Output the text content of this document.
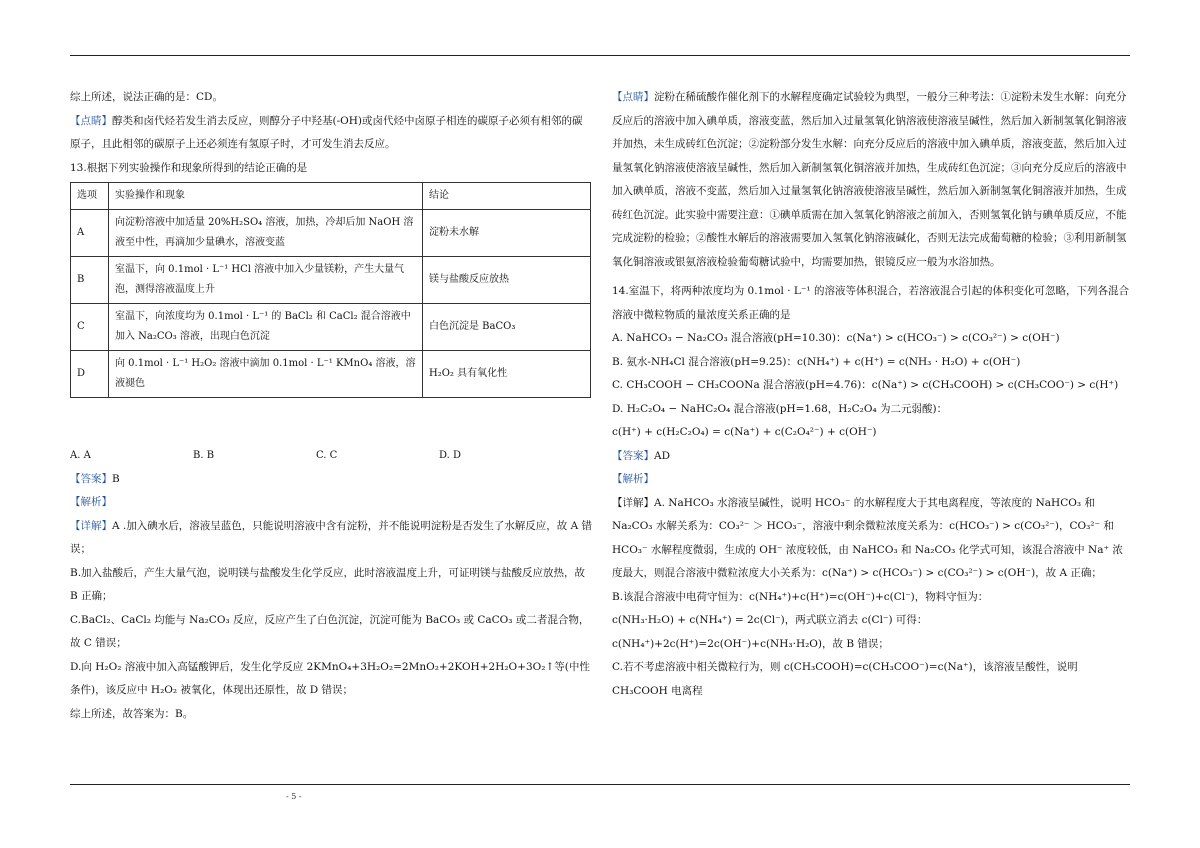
综上所述，说法正确的是：CD。

【点睛】醇类和卤代烃若发生消去反应，则醇分子中羟基(-OH)或卤代烃中卤原子相连的碳原子必须有相邻的碳原子，且此相邻的碳原子上还必须连有氢原子时，才可发生消去反应。

13.根据下列实验操作和现象所得到的结论正确的是

选项	实验操作和现象	结论
A	向淀粉溶液中加适量 20%H₂SO₄ 溶液，加热，冷却后加 NaOH 溶液至中性，再滴加少量碘水，溶液变蓝	淀粉未水解
B	室温下，向 0.1mol · L⁻¹ HCl 溶液中加入少量镁粉，产生大量气泡，测得溶液温度上升	镁与盐酸反应放热
C	室温下，向浓度均为 0.1mol · L⁻¹ 的 BaCl₂ 和 CaCl₂ 混合溶液中加入 Na₂CO₃ 溶液，出现白色沉淀	白色沉淀是 BaCO₃
D	向 0.1mol · L⁻¹ H₂O₂ 溶液中滴加 0.1mol · L⁻¹ KMnO₄ 溶液，溶液褪色	H₂O₂ 具有氧化性
A. A	B. B	C. C	D. D

【答案】B

【解析】

【详解】A .加入碘水后，溶液呈蓝色，只能说明溶液中含有淀粉，并不能说明淀粉是否发生了水解反应，故 A 错误；

B.加入盐酸后，产生大量气泡，说明镁与盐酸发生化学反应，此时溶液温度上升，可证明镁与盐酸反应放热，故 B 正确；

C.BaCl₂、CaCl₂ 均能与 Na₂CO₃ 反应，反应产生了白色沉淀，沉淀可能为 BaCO₃ 或 CaCO₃ 或二者混合物，故 C 错误；

D.向 H₂O₂ 溶液中加入高锰酸钾后，发生化学反应 2KMnO₄+3H₂O₂=2MnO₂+2KOH+2H₂O+3O₂↑等(中性条件)，该反应中 H₂O₂ 被氧化，体现出还原性，故 D 错误；

综上所述，故答案为：B。

【点睛】淀粉在稀硫酸作催化剂下的水解程度确定试验较为典型，一般分三种考法：①淀粉未发生水解：向充分反应后的溶液中加入碘单质，溶液变蓝，然后加入过量氢氧化钠溶液使溶液呈碱性，然后加入新制氢氧化铜溶液并加热，未生成砖红色沉淀；②淀粉部分发生水解：向充分反应后的溶液中加入碘单质，溶液变蓝，然后加入过量氢氧化钠溶液使溶液呈碱性，然后加入新制氢氧化铜溶液并加热，生成砖红色沉淀；③向充分反应后的溶液中加入碘单质，溶液不变蓝，然后加入过量氢氧化钠溶液使溶液呈碱性，然后加入新制氢氧化铜溶液并加热，生成砖红色沉淀。此实验中需要注意：①碘单质需在加入氢氧化钠溶液之前加入，否则氢氧化钠与碘单质反应，不能完成淀粉的检验；②酸性水解后的溶液需要加入氢氧化钠溶液碱化，否则无法完成葡萄糖的检验；③利用新制氢氧化铜溶液或银氨溶液检验葡萄糖试验中，均需要加热，银镜反应一般为水浴加热。

14.室温下，将两种浓度均为 0.1mol · L⁻¹ 的溶液等体积混合，若溶液混合引起的体积变化可忽略，下列各混合溶液中微粒物质的量浓度关系正确的是

A. NaHCO₃ − Na₂CO₃ 混合溶液(pH=10.30)：c(Na⁺) > c(HCO₃⁻) > c(CO₃²⁻) > c(OH⁻)

B. 氨水-NH₄Cl 混合溶液(pH=9.25)：c(NH₄⁺) + c(H⁺) = c(NH₃ · H₂O) + c(OH⁻)

C. CH₃COOH − CH₃COONa 混合溶液(pH=4.76)：c(Na⁺) > c(CH₃COOH) > c(CH₃COO⁻) > c(H⁺)

D. H₂C₂O₄ − NaHC₂O₄ 混合溶液(pH=1.68，H₂C₂O₄ 为二元弱酸)：

c(H⁺) + c(H₂C₂O₄) = c(Na⁺) + c(C₂O₄²⁻) + c(OH⁻)

【答案】AD

【解析】

【详解】A. NaHCO₃ 水溶液呈碱性，说明 HCO₃⁻ 的水解程度大于其电离程度，等浓度的 NaHCO₃ 和 Na₂CO₃ 水解关系为：CO₃²⁻ ＞ HCO₃⁻，溶液中剩余微粒浓度关系为：c(HCO₃⁻) > c(CO₃²⁻)，CO₃²⁻ 和 HCO₃⁻ 水解程度微弱，生成的 OH⁻ 浓度较低，由 NaHCO₃ 和 Na₂CO₃ 化学式可知，该混合溶液中 Na⁺ 浓度最大，则混合溶液中微粒浓度大小关系为：c(Na⁺) > c(HCO₃⁻) > c(CO₃²⁻) > c(OH⁻)，故 A 正确；

B.该混合溶液中电荷守恒为：c(NH₄⁺)+c(H⁺)=c(OH⁻)+c(Cl⁻)，物料守恒为：

c(NH₃·H₂O) + c(NH₄⁺) = 2c(Cl⁻)，两式联立消去 c(Cl⁻) 可得：c(NH₄⁺)+2c(H⁺)=2c(OH⁻)+c(NH₃·H₂O)，故 B 错误；

C.若不考虑溶液中相关微粒行为，则 c(CH₃COOH)=c(CH₃COO⁻)=c(Na⁺)，该溶液呈酸性，说明 CH₃COOH 电离程

- 5 -
